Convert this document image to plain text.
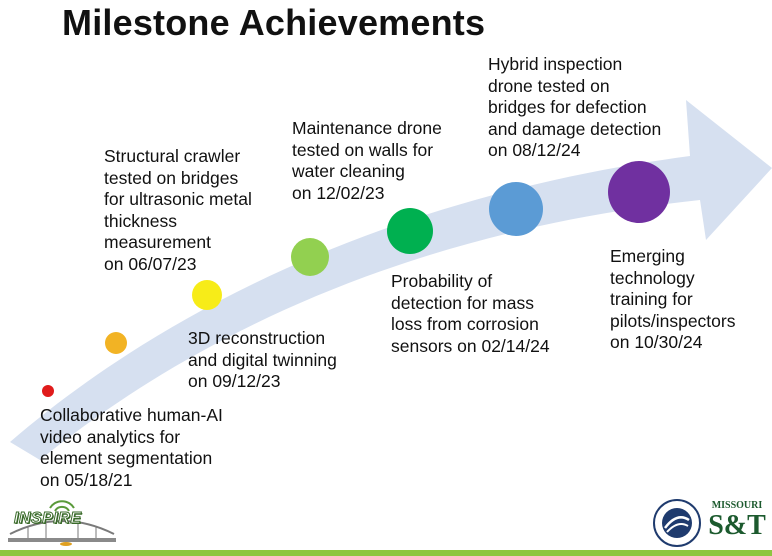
Milestone Achievements
Collaborative human-AI
video analytics for
element segmentation
on 05/18/21
Structural crawler
tested on bridges
for ultrasonic metal
thickness
measurement
on 06/07/23
3D reconstruction
and digital twinning
on 09/12/23
Maintenance drone
tested on walls for
water cleaning
on 12/02/23
Probability of
detection for mass
loss from corrosion
sensors on 02/14/24
Hybrid inspection
drone tested on
bridges for defection
and damage detection
on 08/12/24
Emerging
technology
training for
pilots/inspectors
on 10/30/24
INSPIRE
MISSOURI
S&T
